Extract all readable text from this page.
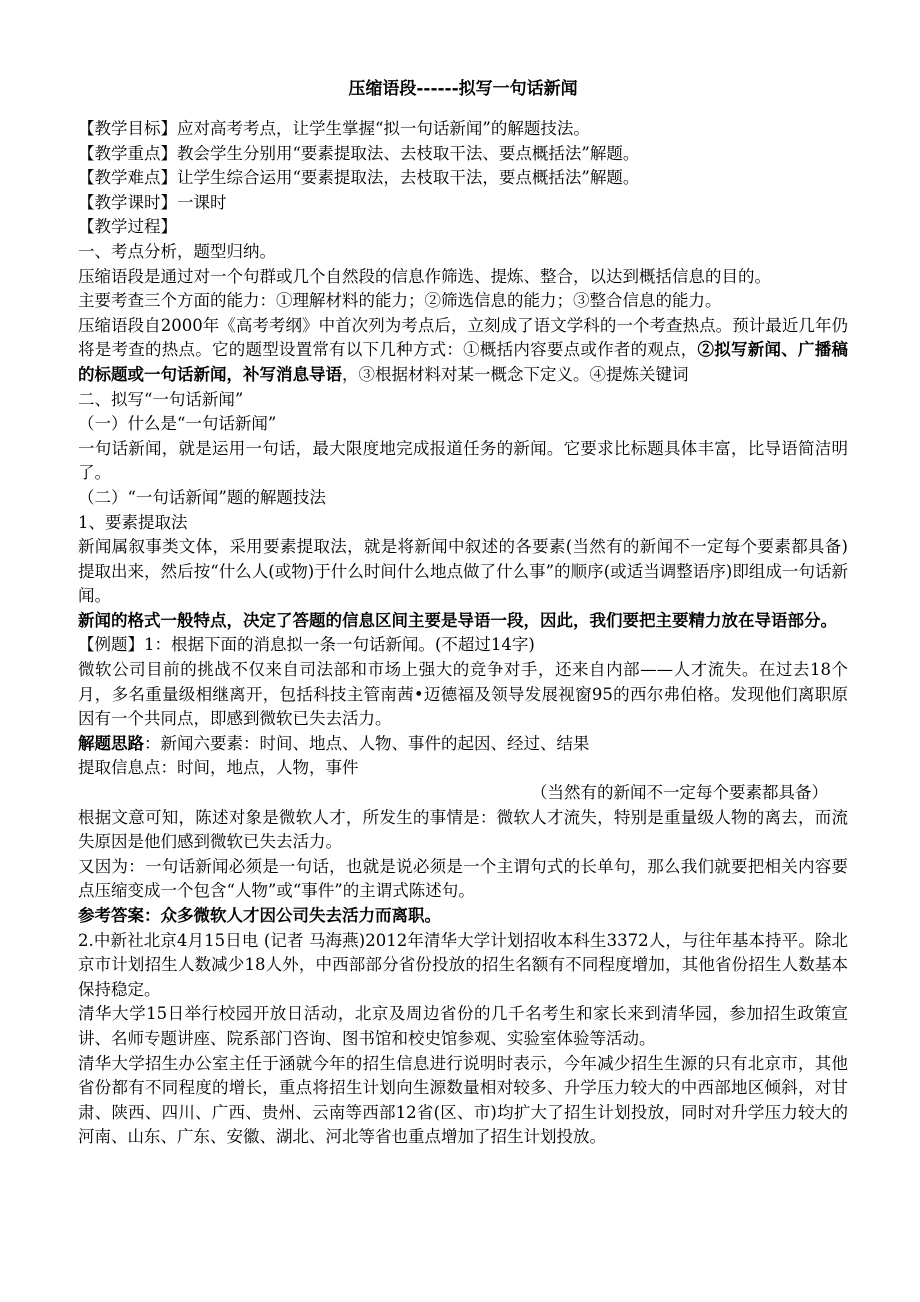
压缩语段------拟写一句话新闻
【教学目标】应对高考考点，让学生掌握“拟一句话新闻”的解题技法。
【教学重点】教会学生分别用“要素提取法、去枝取干法、要点概括法”解题。
【教学难点】让学生综合运用“要素提取法，去枝取干法，要点概括法”解题。
【教学课时】一课时
【教学过程】
一、考点分析，题型归纳。
压缩语段是通过对一个句群或几个自然段的信息作筛选、提炼、整合，以达到概括信息的目的。
主要考查三个方面的能力：①理解材料的能力；②筛选信息的能力；③整合信息的能力。
压缩语段自2000年《高考考纲》中首次列为考点后，立刻成了语文学科的一个考查热点。预计最近几年仍将是考查的热点。它的题型设置常有以下几种方式：①概括内容要点或作者的观点，②拟写新闻、广播稿的标题或一句话新闻，补写消息导语，③根据材料对某一概念下定义。④提炼关键词
二、拟写“一句话新闻”
（一）什么是“一句话新闻”
一句话新闻，就是运用一句话，最大限度地完成报道任务的新闻。它要求比标题具体丰富，比导语简洁明了。
（二）“一句话新闻”题的解题技法
1、要素提取法
新闻属叙事类文体，采用要素提取法，就是将新闻中叙述的各要素(当然有的新闻不一定每个要素都具备)提取出来，然后按“什么人(或物)于什么时间什么地点做了什么事”的顺序(或适当调整语序)即组成一句话新闻。
新闻的格式一般特点，决定了答题的信息区间主要是导语一段，因此，我们要把主要精力放在导语部分。
【例题】1：根据下面的消息拟一条一句话新闻。(不超过14字)
微软公司目前的挑战不仅来自司法部和市场上强大的竞争对手，还来自内部——人才流失。在过去18个月，多名重量级相继离开，包括科技主管南茜•迈德福及领导发展视窗95的西尔弗伯格。发现他们离职原因有一个共同点，即感到微软已失去活力。
解题思路：新闻六要素：时间、地点、人物、事件的起因、经过、结果
提取信息点：时间，地点，人物，事件
（当然有的新闻不一定每个要素都具备）
根据文意可知，陈述对象是微软人才，所发生的事情是：微软人才流失，特别是重量级人物的离去，而流失原因是他们感到微软已失去活力。
又因为：一句话新闻必须是一句话，也就是说必须是一个主谓句式的长单句，那么我们就要把相关内容要点压缩变成一个包含“人物”或“事件”的主谓式陈述句。
参考答案：众多微软人才因公司失去活力而离职。
2.中新社北京4月15日电 (记者 马海燕)2012年清华大学计划招收本科生3372人，与往年基本持平。除北京市计划招生人数减少18人外，中西部部分省份投放的招生名额有不同程度增加，其他省份招生人数基本保持稳定。
清华大学15日举行校园开放日活动，北京及周边省份的几千名考生和家长来到清华园，参加招生政策宣讲、名师专题讲座、院系部门咨询、图书馆和校史馆参观、实验室体验等活动。
清华大学招生办公室主任于涵就今年的招生信息进行说明时表示，今年减少招生生源的只有北京市，其他省份都有不同程度的增长，重点将招生计划向生源数量相对较多、升学压力较大的中西部地区倾斜，对甘肃、陕西、四川、广西、贵州、云南等西部12省(区、市)均扩大了招生计划投放，同时对升学压力较大的河南、山东、广东、安徽、湖北、河北等省也重点增加了招生计划投放。
